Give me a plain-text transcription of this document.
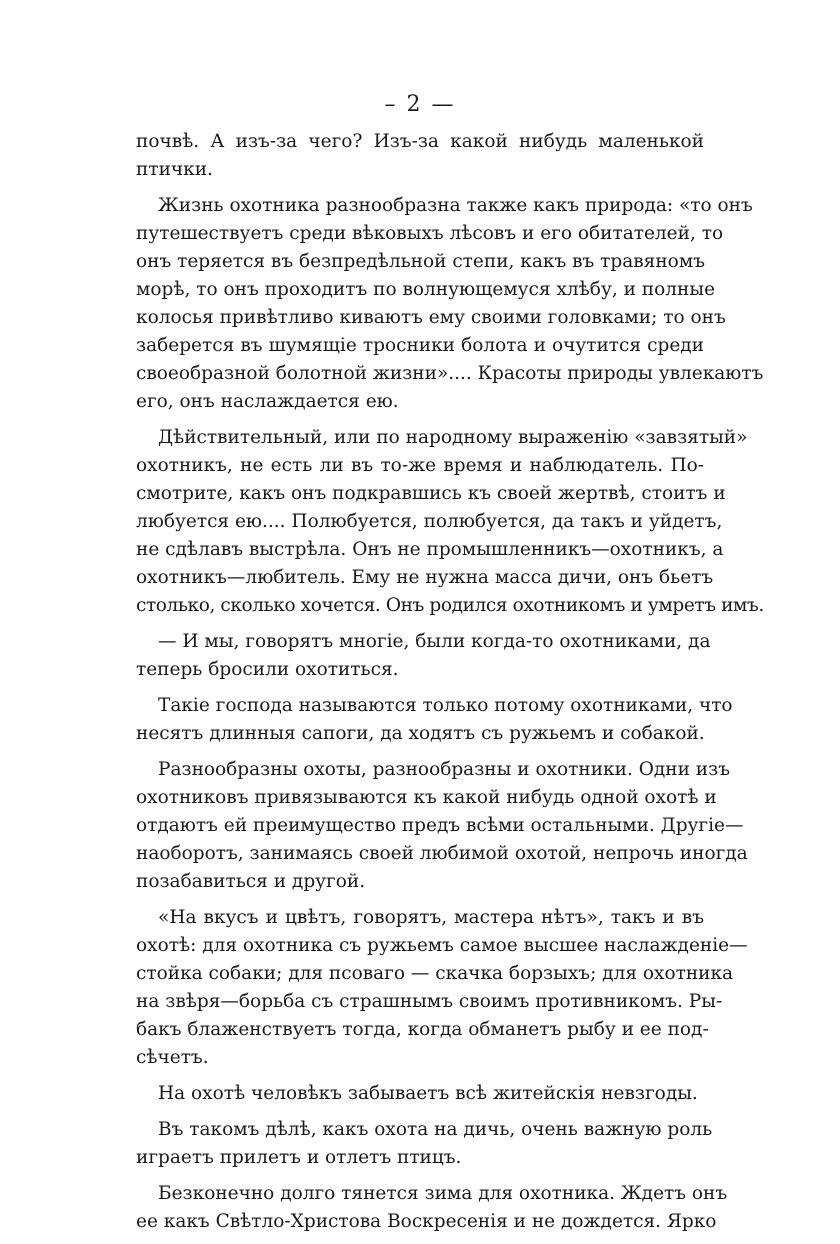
– 2 —

почвѣ. А изъ-за чего? Изъ-за какой нибудь маленькой
птички.

Жизнь охотника разнообразна также какъ природа: «то онъ
путешествуетъ среди вѣковыхъ лѣсовъ и его обитателей, то
онъ теряется въ безпредѣльной степи, какъ въ травяномъ
морѣ, то онъ проходитъ по волнующемуся хлѣбу, и полные
колосья привѣтливо киваютъ ему своими головками; то онъ
заберется въ шумящіе тросники болота и очутится среди
своеобразной болотной жизни».... Красоты природы увлекаютъ
его, онъ наслаждается ею.

Дѣйствительный, или по народному выраженію «завзятый»
охотникъ, не есть ли въ то-же время и наблюдатель. По-
смотрите, какъ онъ подкравшись къ своей жертвѣ, стоитъ и
любуется ею.... Полюбуется, полюбуется, да такъ и уйдетъ,
не сдѣлавъ выстрѣла. Онъ не промышленникъ—охотникъ, а
охотникъ—любитель. Ему не нужна масса дичи, онъ бьетъ
столько, сколько хочется. Онъ родился охотникомъ и умретъ имъ.

— И мы, говорятъ многіе, были когда-то охотниками, да
теперь бросили охотиться.

Такіе господа называются только потому охотниками, что
несятъ длинныя сапоги, да ходятъ съ ружьемъ и собакой.

Разнообразны охоты, разнообразны и охотники. Одни изъ
охотниковъ привязываются къ какой нибудь одной охотѣ и
отдаютъ ей преимущество предъ всѣми остальными. Другіе—
наоборотъ, занимаясь своей любимой охотой, непрочь иногда
позабавиться и другой.

«На вкусъ и цвѣтъ, говорятъ, мастера нѣтъ», такъ и въ
охотѣ: для охотника съ ружьемъ самое высшее наслажденіе—
стойка собаки; для псоваго — скачка борзыхъ; для охотника
на звѣря—борьба съ страшнымъ своимъ противникомъ. Ры-
бакъ блаженствуетъ тогда, когда обманетъ рыбу и ее под-
сѣчетъ.

На охотѣ человѣкъ забываетъ всѣ житейскія невзгоды.

Въ такомъ дѣлѣ, какъ охота на дичь, очень важную роль
играетъ прилетъ и отлетъ птицъ.

Безконечно долго тянется зима для охотника. Ждетъ онъ
ее какъ Свѣтло-Христова Воскресенія и не дождется. Ярко
